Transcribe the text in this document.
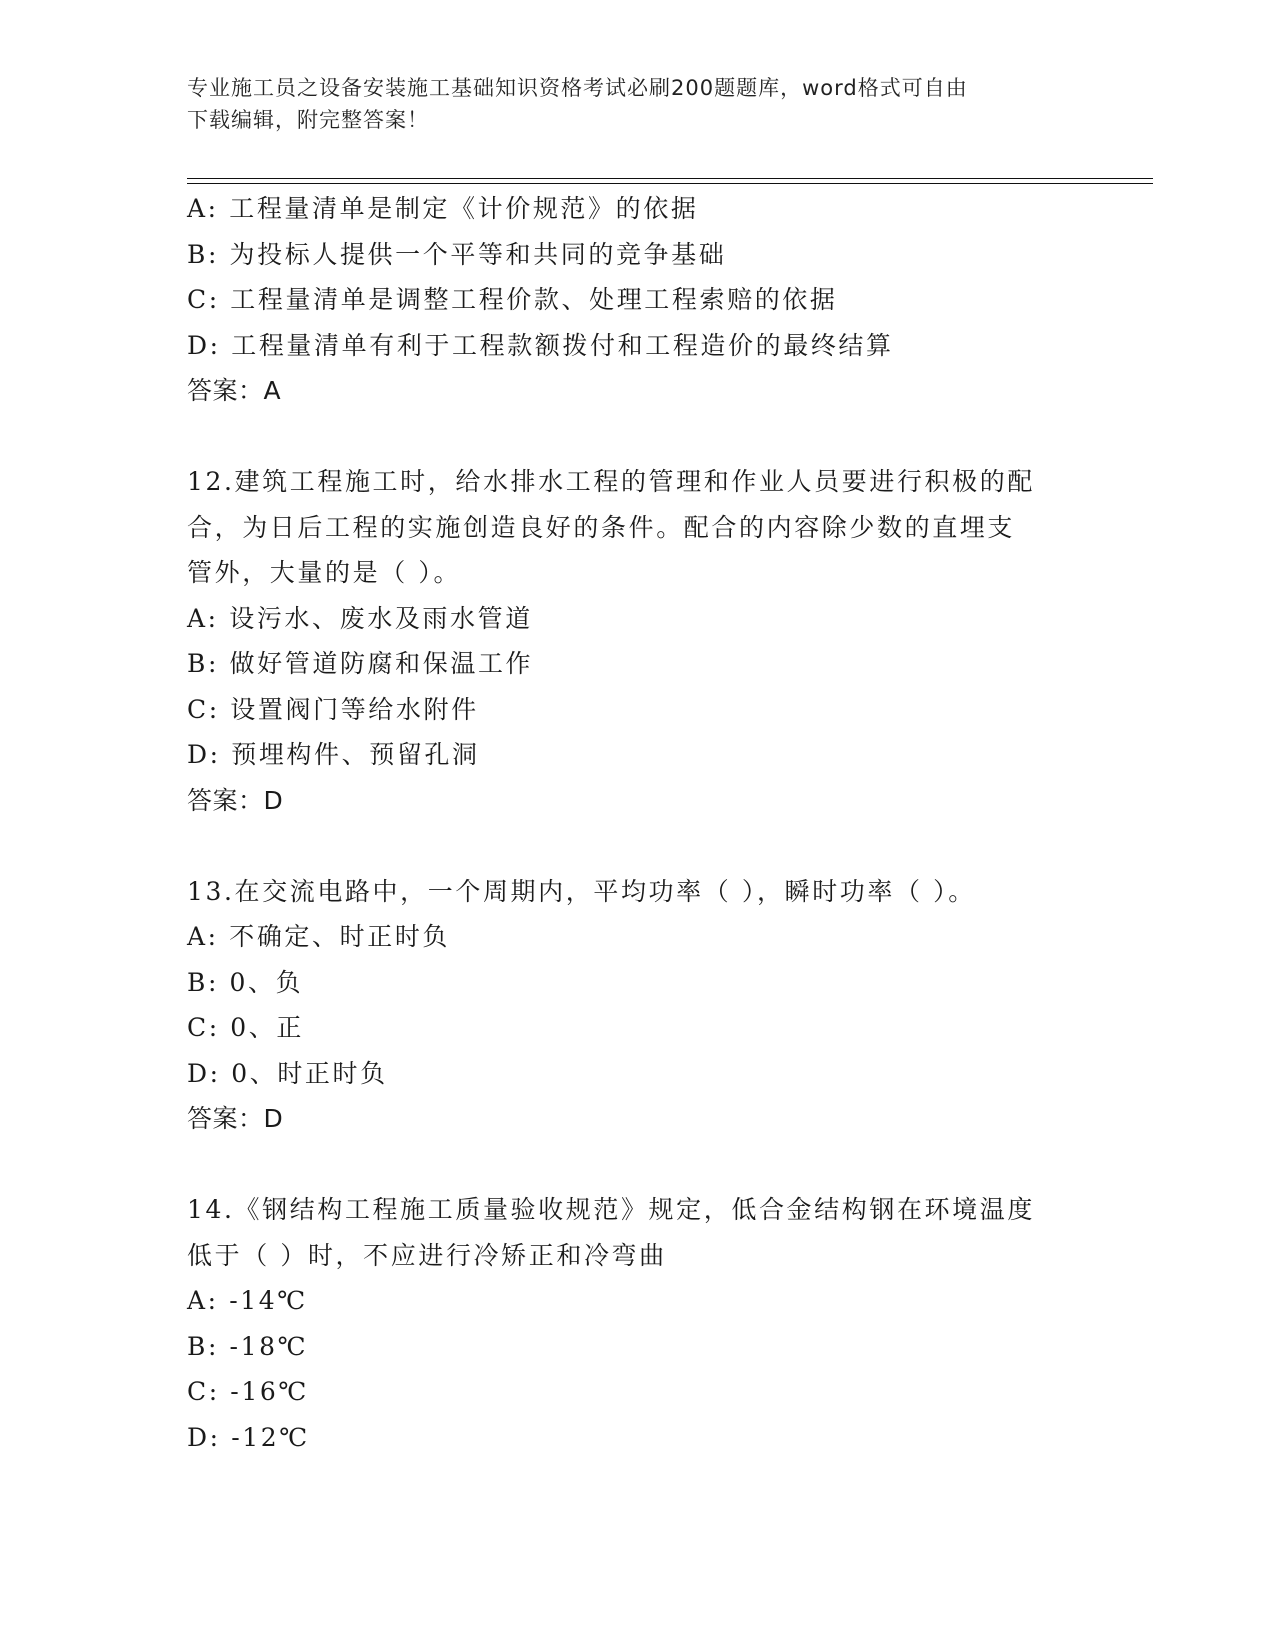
专业施工员之设备安装施工基础知识资格考试必刷200题题库，word格式可自由
下载编辑，附完整答案！
A: 工程量清单是制定《计价规范》的依据
B: 为投标人提供一个平等和共同的竞争基础
C: 工程量清单是调整工程价款、处理工程索赔的依据
D: 工程量清单有利于工程款额拨付和工程造价的最终结算
答案：A
12.建筑工程施工时，给水排水工程的管理和作业人员要进行积极的配
合，为日后工程的实施创造良好的条件。配合的内容除少数的直埋支
管外，大量的是（ ）。
A: 设污水、废水及雨水管道
B: 做好管道防腐和保温工作
C: 设置阀门等给水附件
D: 预埋构件、预留孔洞
答案：D
13.在交流电路中，一个周期内，平均功率（ ），瞬时功率（ ）。
A: 不确定、时正时负
B: 0、负
C: 0、正
D: 0、时正时负
答案：D
14.《钢结构工程施工质量验收规范》规定，低合金结构钢在环境温度
低于（ ）时，不应进行冷矫正和冷弯曲
A: -14℃
B: -18℃
C: -16℃
D: -12℃
